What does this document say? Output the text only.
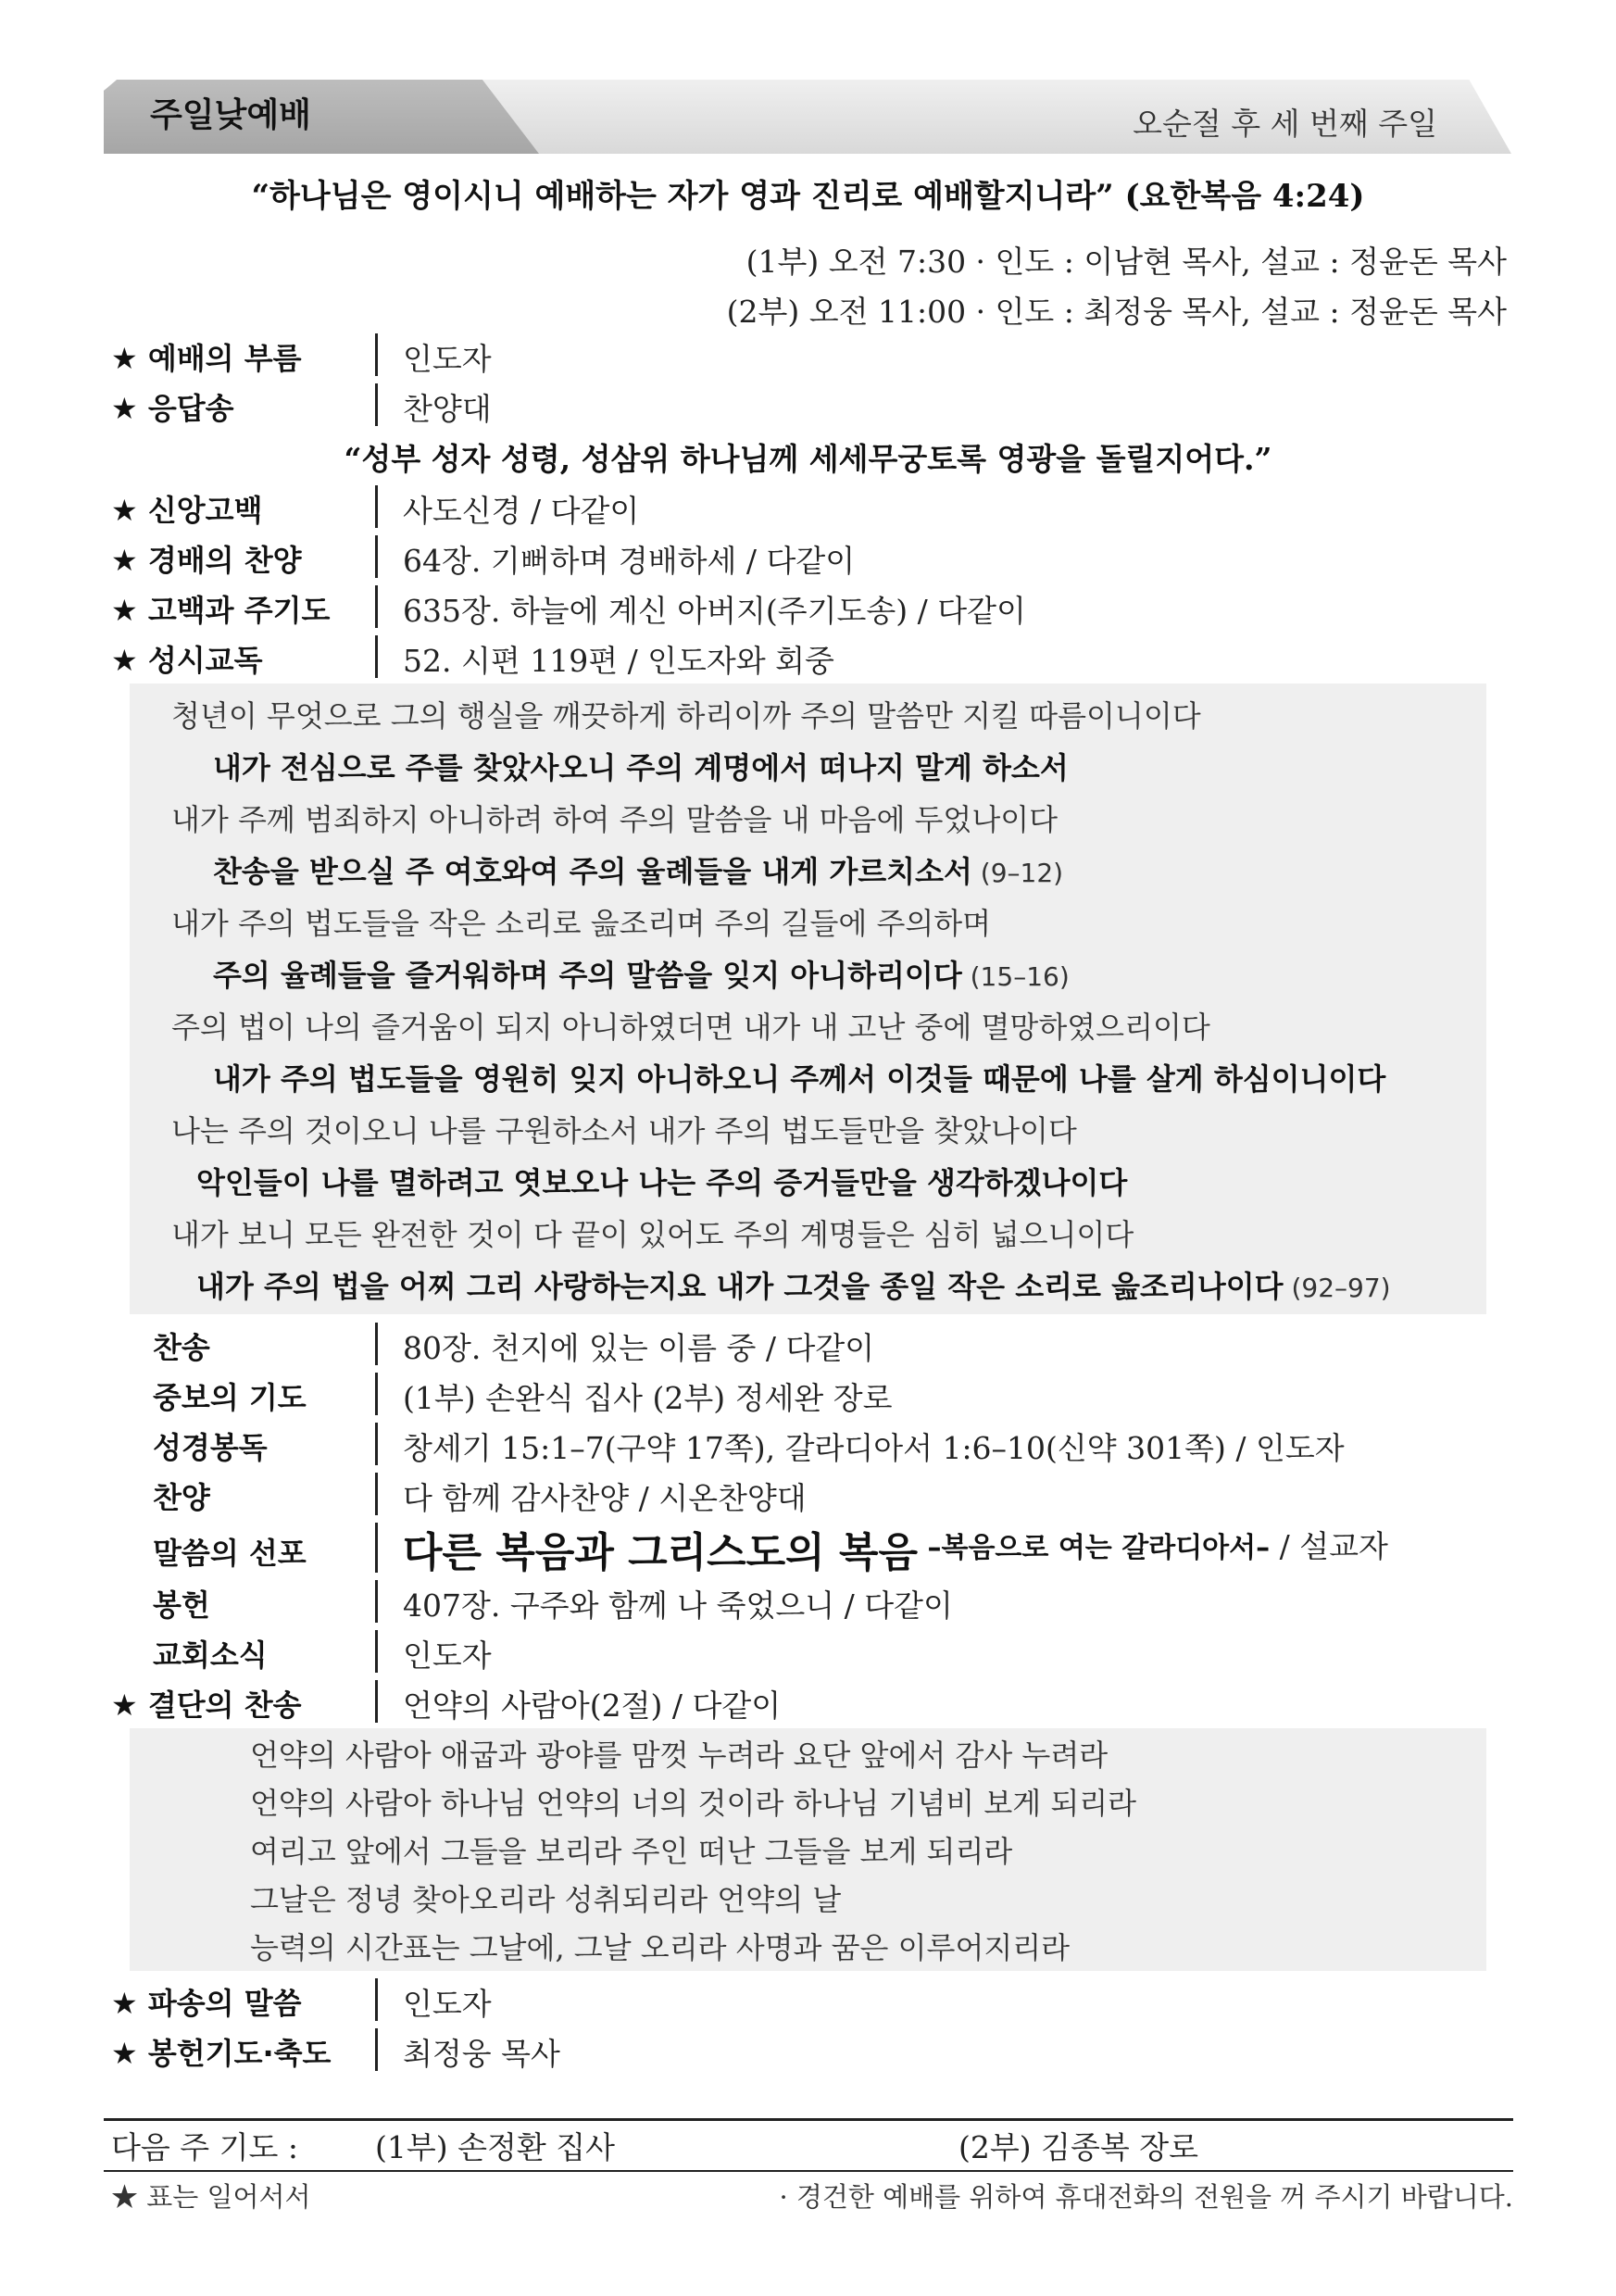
주일낮예배	오순절 후 세 번째 주일
“하나님은 영이시니 예배하는 자가 영과 진리로 예배할지니라” (요한복음 4:24)
(1부) 오전 7:30 · 인도 : 이남현 목사, 설교 : 정윤돈 목사
(2부) 오전 11:00 · 인도 : 최정웅 목사, 설교 : 정윤돈 목사
★ 예배의 부름	인도자
★ 응답송	찬양대
“성부 성자 성령, 성삼위 하나님께 세세무궁토록 영광을 돌릴지어다.”
★ 신앙고백	사도신경 / 다같이
★ 경배의 찬양	64장. 기뻐하며 경배하세 / 다같이
★ 고백과 주기도	635장. 하늘에 계신 아버지(주기도송) / 다같이
★ 성시교독	52. 시편 119편 / 인도자와 회중
청년이 무엇으로 그의 행실을 깨끗하게 하리이까 주의 말씀만 지킬 따름이니이다
내가 전심으로 주를 찾았사오니 주의 계명에서 떠나지 말게 하소서
내가 주께 범죄하지 아니하려 하여 주의 말씀을 내 마음에 두었나이다
찬송을 받으실 주 여호와여 주의 율례들을 내게 가르치소서 (9–12)
내가 주의 법도들을 작은 소리로 읊조리며 주의 길들에 주의하며
주의 율례들을 즐거워하며 주의 말씀을 잊지 아니하리이다 (15–16)
주의 법이 나의 즐거움이 되지 아니하였더면 내가 내 고난 중에 멸망하였으리이다
내가 주의 법도들을 영원히 잊지 아니하오니 주께서 이것들 때문에 나를 살게 하심이니이다
나는 주의 것이오니 나를 구원하소서 내가 주의 법도들만을 찾았나이다
악인들이 나를 멸하려고 엿보오나 나는 주의 증거들만을 생각하겠나이다
내가 보니 모든 완전한 것이 다 끝이 있어도 주의 계명들은 심히 넓으니이다
내가 주의 법을 어찌 그리 사랑하는지요 내가 그것을 종일 작은 소리로 읊조리나이다 (92–97)
찬송	80장. 천지에 있는 이름 중 / 다같이
중보의 기도	(1부) 손완식 집사 (2부) 정세완 장로
성경봉독	창세기 15:1–7(구약 17쪽), 갈라디아서 1:6–10(신약 301쪽) / 인도자
찬양	다 함께 감사찬양 / 시온찬양대
말씀의 선포	다른 복음과 그리스도의 복음 –복음으로 여는 갈라디아서– / 설교자
봉헌	407장. 구주와 함께 나 죽었으니 / 다같이
교회소식	인도자
★ 결단의 찬송	언약의 사람아(2절) / 다같이
언약의 사람아 애굽과 광야를 맘껏 누려라 요단 앞에서 감사 누려라
언약의 사람아 하나님 언약의 너의 것이라 하나님 기념비 보게 되리라
여리고 앞에서 그들을 보리라 주인 떠난 그들을 보게 되리라
그날은 정녕 찾아오리라 성취되리라 언약의 날
능력의 시간표는 그날에, 그날 오리라 사명과 꿈은 이루어지리라
★ 파송의 말씀	인도자
★ 봉헌기도·축도	최정웅 목사
다음 주 기도 :	(1부) 손정환 집사	(2부) 김종복 장로
★ 표는 일어서서	· 경건한 예배를 위하여 휴대전화의 전원을 꺼 주시기 바랍니다.
